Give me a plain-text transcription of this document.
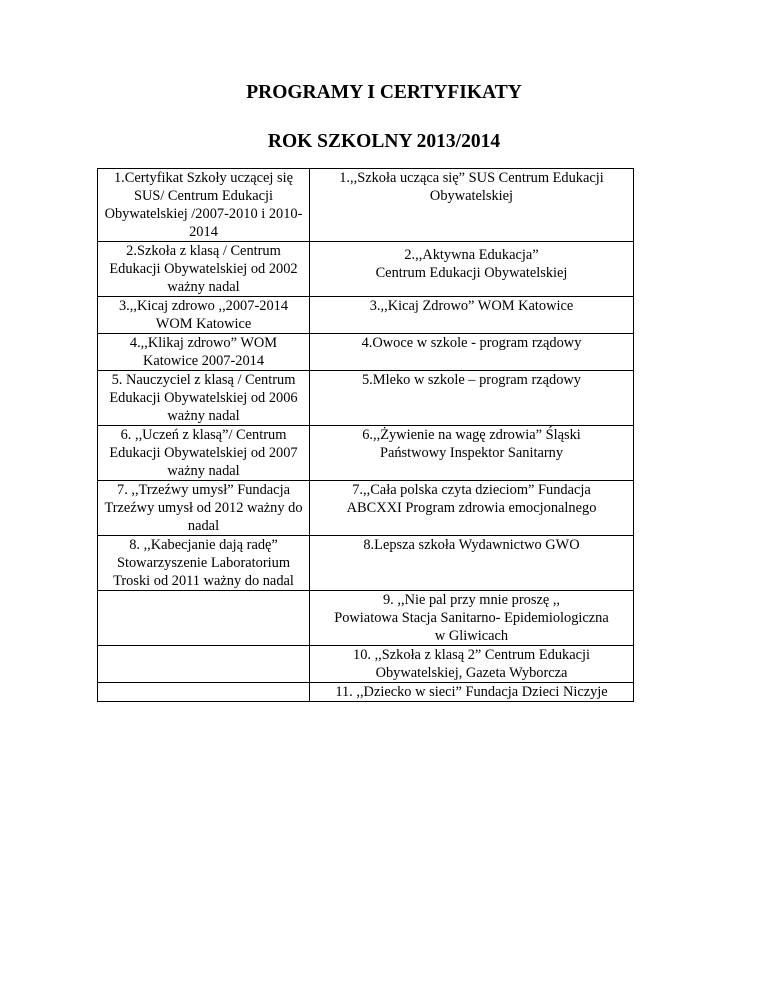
PROGRAMY I CERTYFIKATY
ROK SZKOLNY 2013/2014
1.Certyfikat Szkoły uczącej się
SUS/ Centrum Edukacji
Obywatelskiej /2007-2010 i 2010-
2014	1.,,Szkoła ucząca się” SUS Centrum Edukacji
Obywatelskiej
2.Szkoła z klasą / Centrum
Edukacji Obywatelskiej od 2002
ważny nadal	2.,,Aktywna Edukacja”
Centrum Edukacji Obywatelskiej

3.,,Kicaj zdrowo ,,2007-2014
WOM Katowice	3.,,Kicaj Zdrowo” WOM Katowice
4.,,Klikaj zdrowo” WOM
Katowice 2007-2014	4.Owoce w szkole - program rządowy
5. Nauczyciel z klasą / Centrum
Edukacji Obywatelskiej od 2006
ważny nadal	5.Mleko w szkole – program rządowy
6. ,,Uczeń z klasą”/ Centrum
Edukacji Obywatelskiej od 2007
ważny nadal	6.,,Żywienie na wagę zdrowia” Śląski
Państwowy Inspektor Sanitarny
7. ,,Trzeźwy umysł” Fundacja
Trzeźwy umysł od 2012 ważny do
nadal	7.,,Cała polska czyta dzieciom” Fundacja
ABCXXI Program zdrowia emocjonalnego
8. ,,Kabecjanie dają radę”
Stowarzyszenie Laboratorium
Troski od 2011 ważny do nadal	8.Lepsza szkoła Wydawnictwo GWO
	9. ,,Nie pal przy mnie proszę ,,
Powiatowa Stacja Sanitarno- Epidemiologiczna
w Gliwicach
	10. ,,Szkoła z klasą 2” Centrum Edukacji
Obywatelskiej, Gazeta Wyborcza
	11. ,,Dziecko w sieci” Fundacja Dzieci Niczyje
